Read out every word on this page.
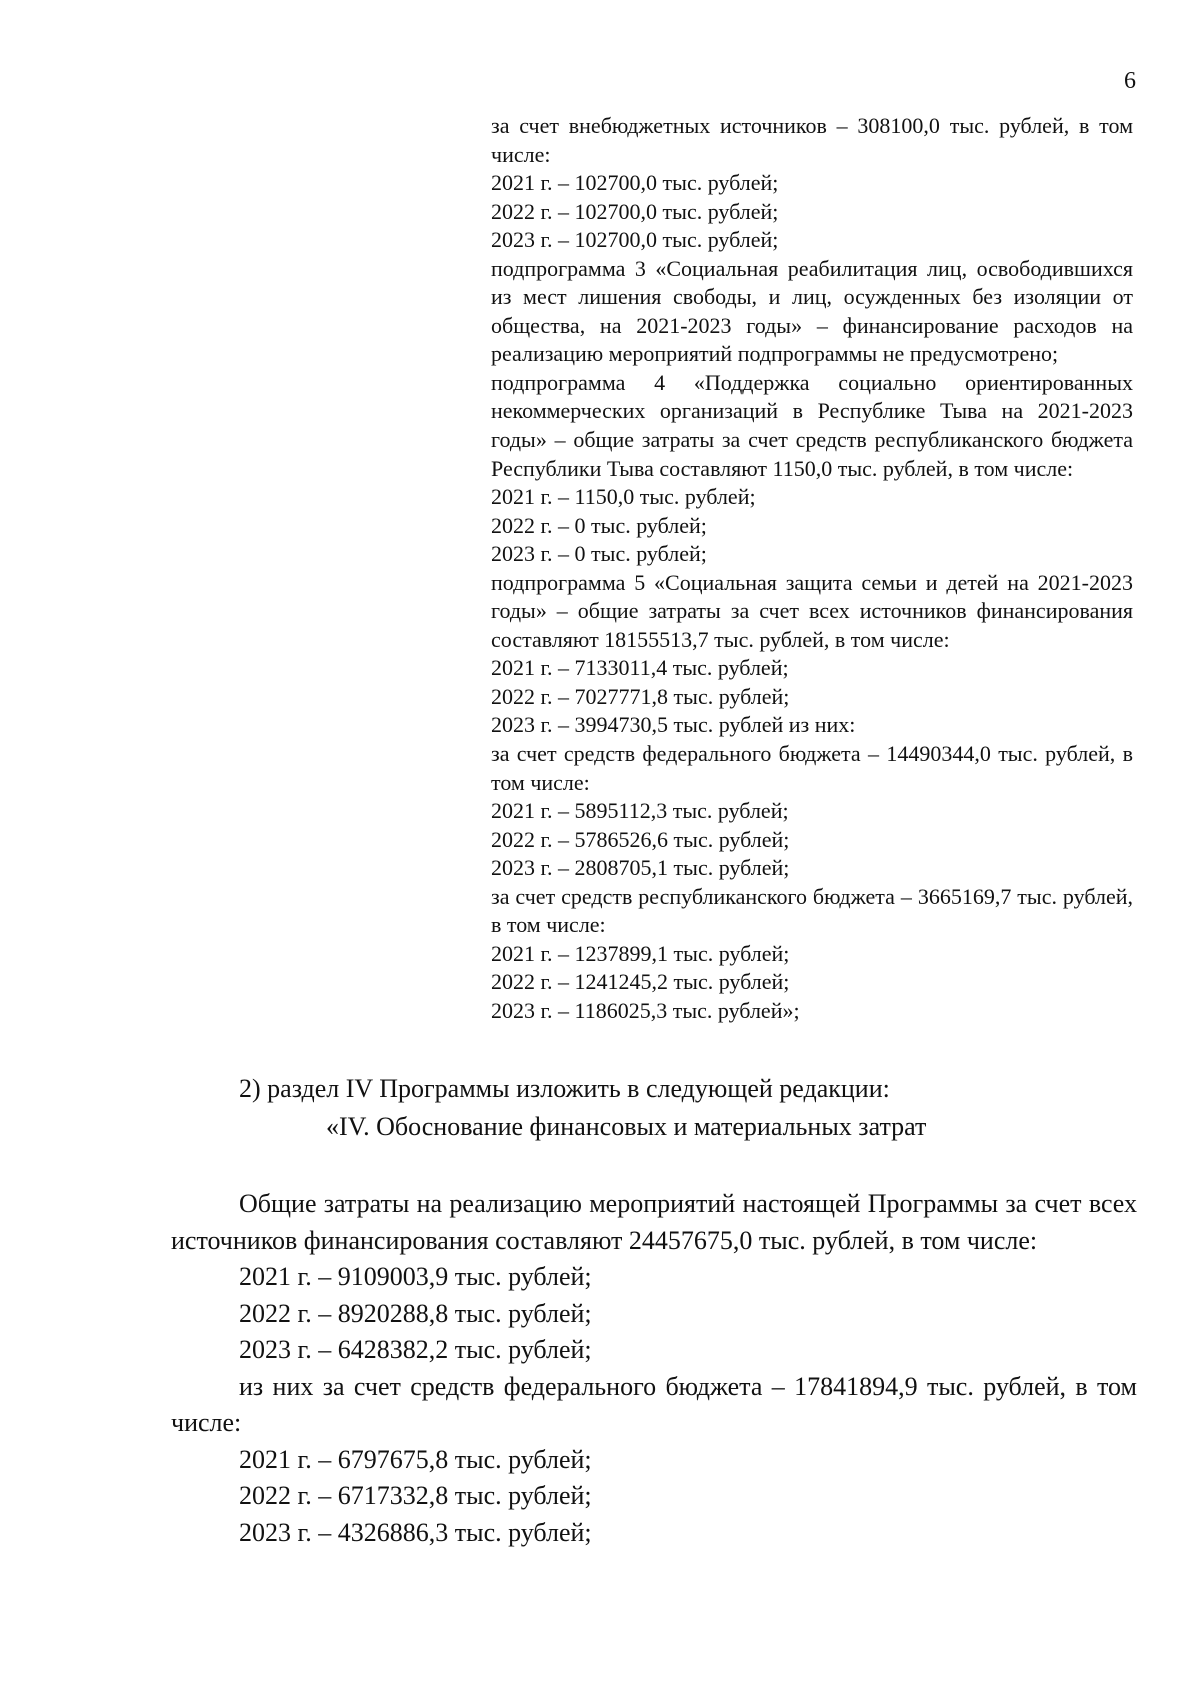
6

за счет внебюджетных источников – 308100,0 тыс. рублей, в том числе:

2021 г. – 102700,0 тыс. рублей;

2022 г. – 102700,0 тыс. рублей;

2023 г. – 102700,0 тыс. рублей;

подпрограмма 3 «Социальная реабилитация лиц, освободившихся из мест лишения свободы, и лиц, осужденных без изоляции от общества, на 2021-2023 годы» – финансирование расходов на реализацию мероприятий подпрограммы не предусмотрено;

подпрограмма 4 «Поддержка социально ориентированных некоммерческих организаций в Республике Тыва на 2021-2023 годы» – общие затраты за счет средств республиканского бюджета Республики Тыва составляют 1150,0 тыс. рублей, в том числе:

2021 г. – 1150,0 тыс. рублей;

2022 г. – 0 тыс. рублей;

2023 г. – 0 тыс. рублей;

подпрограмма 5 «Социальная защита семьи и детей на 2021-2023 годы» – общие затраты за счет всех источников финансирования составляют 18155513,7 тыс. рублей, в том числе:

2021 г. – 7133011,4 тыс. рублей;

2022 г. – 7027771,8 тыс. рублей;

2023 г. – 3994730,5 тыс. рублей из них:

за счет средств федерального бюджета – 14490344,0 тыс. рублей, в том числе:

2021 г. – 5895112,3 тыс. рублей;

2022 г. – 5786526,6 тыс. рублей;

2023 г. – 2808705,1 тыс. рублей;

за счет средств республиканского бюджета – 3665169,7 тыс. рублей, в том числе:

2021 г. – 1237899,1 тыс. рублей;

2022 г. – 1241245,2 тыс. рублей;

2023 г. – 1186025,3 тыс. рублей»;

2) раздел IV Программы изложить в следующей редакции:

«IV. Обоснование финансовых и материальных затрат

Общие затраты на реализацию мероприятий настоящей Программы за счет всех источников финансирования составляют 24457675,0 тыс. рублей, в том числе:

2021 г. – 9109003,9 тыс. рублей;

2022 г. – 8920288,8 тыс. рублей;

2023 г. – 6428382,2 тыс. рублей;

из них за счет средств федерального бюджета – 17841894,9 тыс. рублей, в том числе:

2021 г. – 6797675,8 тыс. рублей;

2022 г. – 6717332,8 тыс. рублей;

2023 г. – 4326886,3 тыс. рублей;
